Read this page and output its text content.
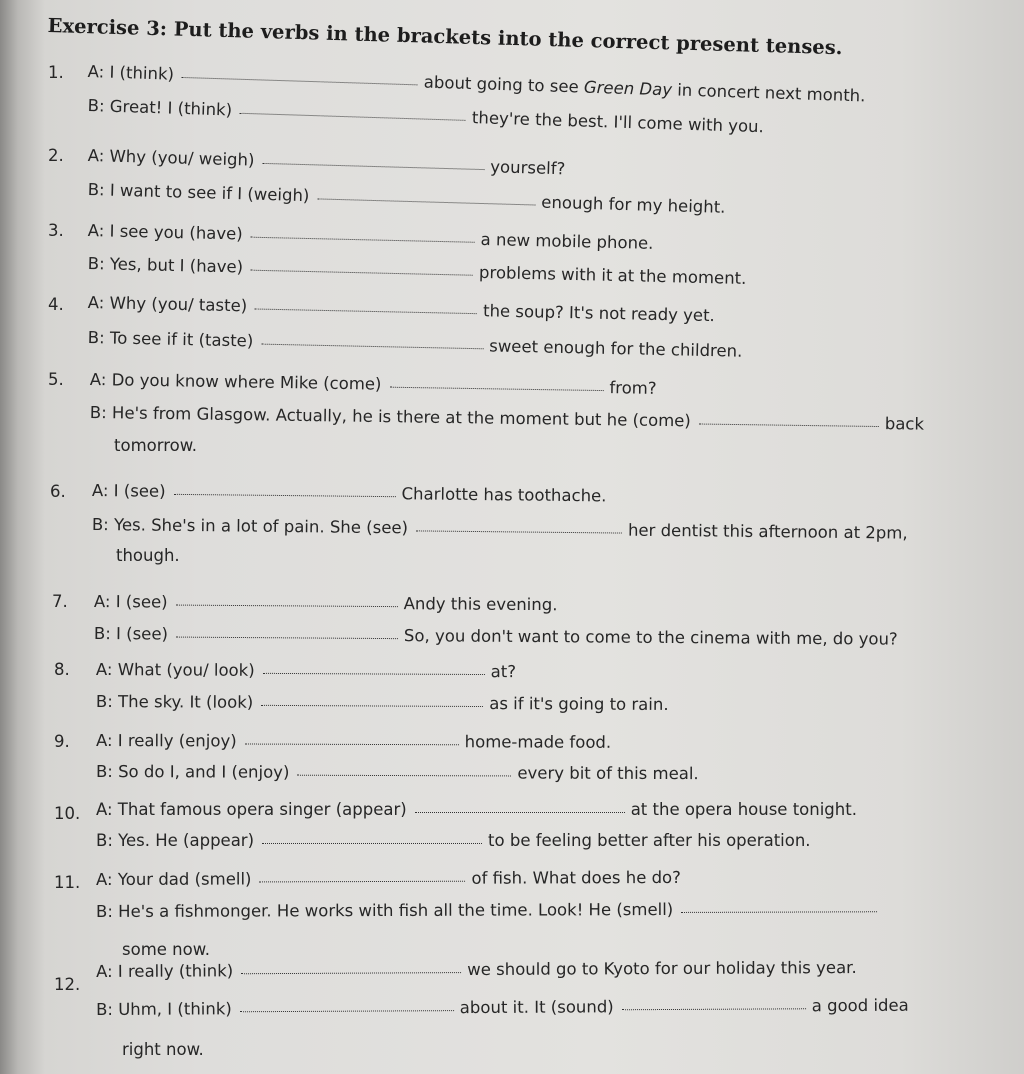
Exercise 3: Put the verbs in the brackets into the correct present tenses.
1. A: I (think)	about going to see Green Day in concert next month.
B: Great! I (think)
they're the best. I'll come with you.
2. A: Why (you/ weigh)	yourself?
B: I want to see if I (weigh)	enough for my height.
3. A: I see you (have)	a new mobile phone.
B: Yes, but I (have)	problems with it at the moment.
4. A: Why (you/ taste)	the soup? It's not ready yet.
B: To see if it (taste)	sweet enough for the children.
5. A: Do you know where Mike (come)	from?
B: He's from Glasgow. Actually, he is there at the moment but he (come)	back
tomorrow.
6. A: I (see)	Charlotte has toothache.
B: Yes. She's in a lot of pain. She (see)	her dentist this afternoon at 2pm,
though.
7. A: I (see)	Andy this evening.
B: I (see)	So, you don't want to come to the cinema with me, do you?
8. A: What (you/ look)	at?
B: The sky. It (look)	as if it's going to rain.
9. A: I really (enjoy)	home-made food.
B: So do I, and I (enjoy)	every bit of this meal.
10. A: That famous opera singer (appear)	at the opera house tonight.
B: Yes. He (appear)	to be feeling better after his operation.
11. A: Your dad (smell)	of fish. What does he do?
B: He's a fishmonger. He works with fish all the time. Look! He (smell)
some now.
12.
A: I really (think)	we should go to Kyoto for our holiday this year.
B: Uhm, I (think)	about it. It (sound)	a good idea
right now.
